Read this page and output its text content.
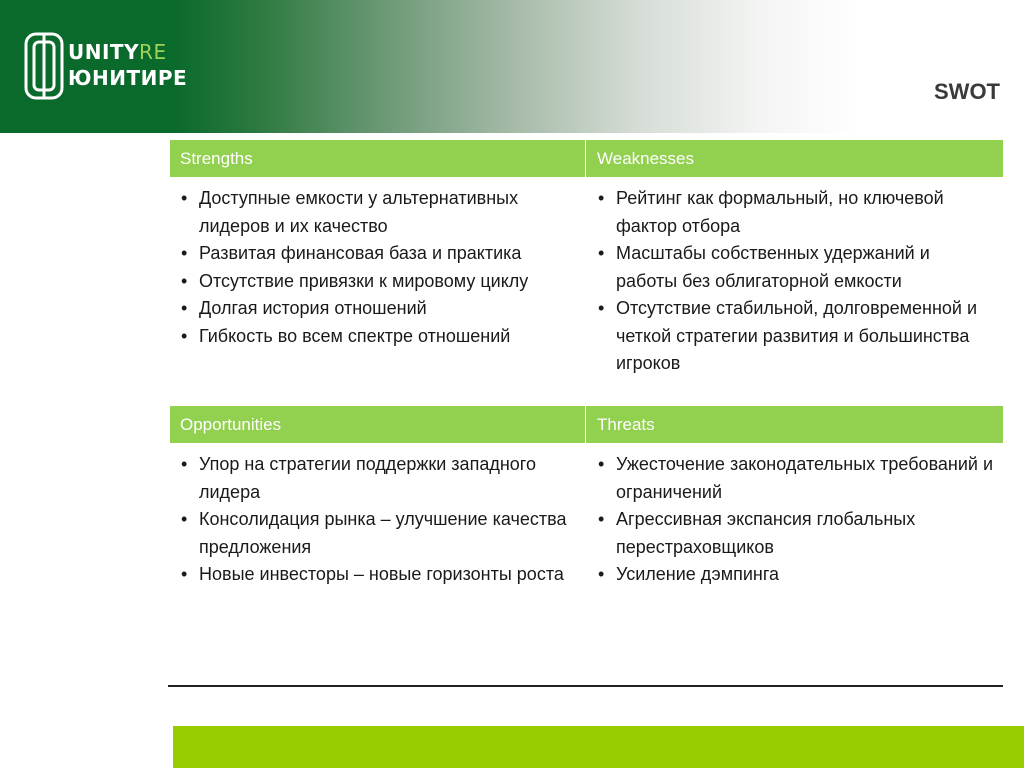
UNITYRE
ЮНИТИРЕ
SWOT
Strengths	Weaknesses
• Доступные емкости у альтернативных лидеров и их качество
• Развитая финансовая база и практика
• Отсутствие привязки к мировому циклу
• Долгая история отношений
• Гибкость во всем спектре отношений
• Рейтинг как формальный, но ключевой фактор отбора
• Масштабы собственных удержаний и работы без облигаторной емкости
• Отсутствие стабильной, долговременной и четкой стратегии развития и большинства игроков
Opportunities	Threats
• Упор на стратегии поддержки западного лидера
• Консолидация рынка – улучшение качества предложения
• Новые инвесторы – новые горизонты роста
• Ужесточение законодательных требований и ограничений
• Агрессивная экспансия глобальных перестраховщиков
• Усиление дэмпинга
